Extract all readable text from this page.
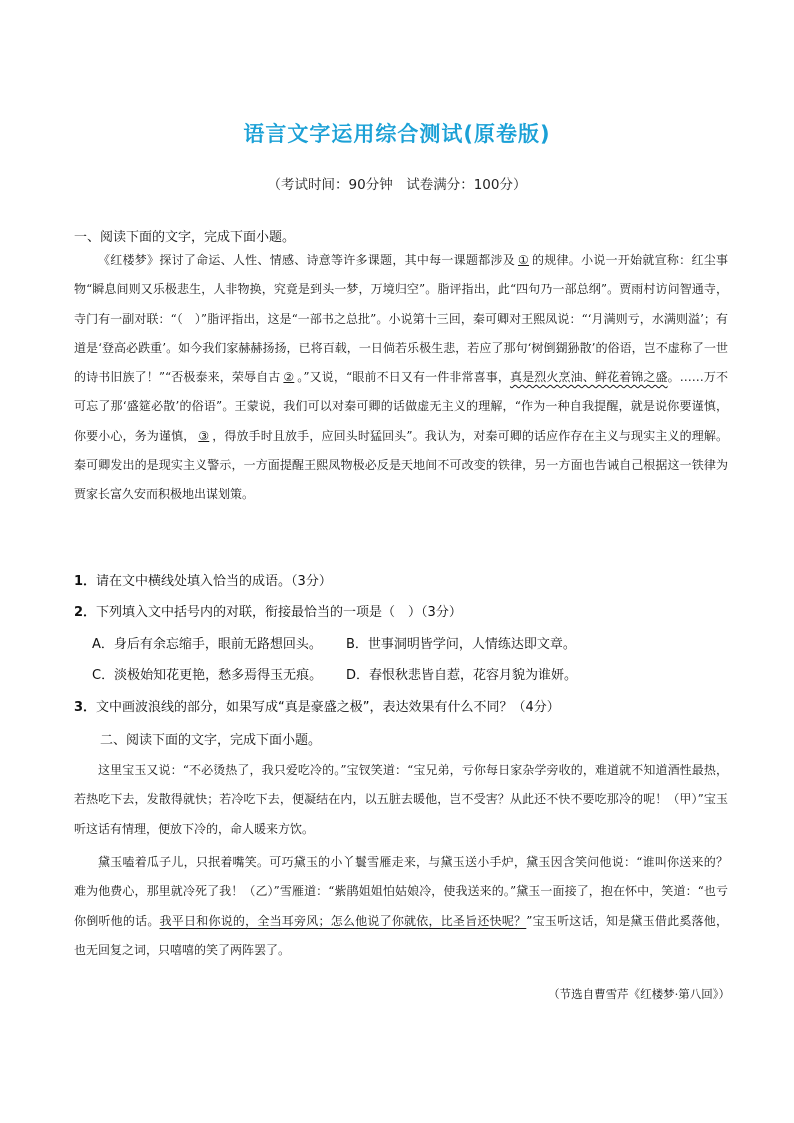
语言文字运用综合测试(原卷版)
（考试时间：90分钟　试卷满分：100分）
一、阅读下面的文字，完成下面小题。

《红楼梦》探讨了命运、人性、情感、诗意等许多课题，其中每一课题都涉及 ① 的规律。小说一开始就宣称：红尘事物“瞬息间则又乐极悲生，人非物换，究竟是到头一梦，万境归空”。脂评指出，此“四句乃一部总纲”。贾雨村访问智通寺，寺门有一副对联：“（　）”脂评指出，这是“一部书之总批”。小说第十三回，秦可卿对王熙凤说：“‘月满则亏，水满则溢’；有道是‘登高必跌重’。如今我们家赫赫扬扬，已将百载，一日倘若乐极生悲，若应了那句‘树倒猢狲散’的俗语，岂不虚称了一世的诗书旧族了！”“否极泰来，荣辱自古 ② 。”又说，“眼前不日又有一件非常喜事，真是烈火烹油、鲜花着锦之盛。……万不可忘了那‘盛筵必散’的俗语”。王蒙说，我们可以对秦可卿的话做虚无主义的理解，“作为一种自我提醒，就是说你要谨慎，你要小心，务为谨慎， ③ ，得放手时且放手，应回头时猛回头”。我认为，对秦可卿的话应作存在主义与现实主义的理解。秦可卿发出的是现实主义警示，一方面提醒王熙凤物极必反是天地间不可改变的铁律，另一方面也告诫自己根据这一铁律为贾家长富久安而积极地出谋划策。

1．请在文中横线处填入恰当的成语。（3分）
2．下列填入文中括号内的对联，衔接最恰当的一项是（　）（3分）
A．身后有余忘缩手，眼前无路想回头。 B．世事洞明皆学问，人情练达即文章。
C．淡极始知花更艳，愁多焉得玉无痕。 D．春恨秋悲皆自惹，花容月貌为谁妍。
3．文中画波浪线的部分，如果写成“真是豪盛之极”，表达效果有什么不同？（4分）
二、阅读下面的文字，完成下面小题。

这里宝玉又说：“不必烫热了，我只爱吃冷的。”宝钗笑道：“宝兄弟，亏你每日家杂学旁收的，难道就不知道酒性最热，若热吃下去，发散得就快；若冷吃下去，便凝结在内，以五脏去暖他，岂不受害？从此还不快不要吃那冷的呢！（甲）”宝玉听这话有情理，便放下冷的，命人暖来方饮。

黛玉嗑着瓜子儿，只抿着嘴笑。可巧黛玉的小丫鬟雪雁走来，与黛玉送小手炉，黛玉因含笑问他说：“谁叫你送来的？难为他费心，那里就冷死了我！（乙）”雪雁道：“紫鹃姐姐怕姑娘冷，使我送来的。”黛玉一面接了，抱在怀中，笑道：“也亏你倒听他的话。我平日和你说的，全当耳旁风；怎么他说了你就依，比圣旨还快呢？”宝玉听这话，知是黛玉借此奚落他，也无回复之词，只嘻嘻的笑了两阵罢了。

（节选自曹雪芹《红楼梦·第八回》）
